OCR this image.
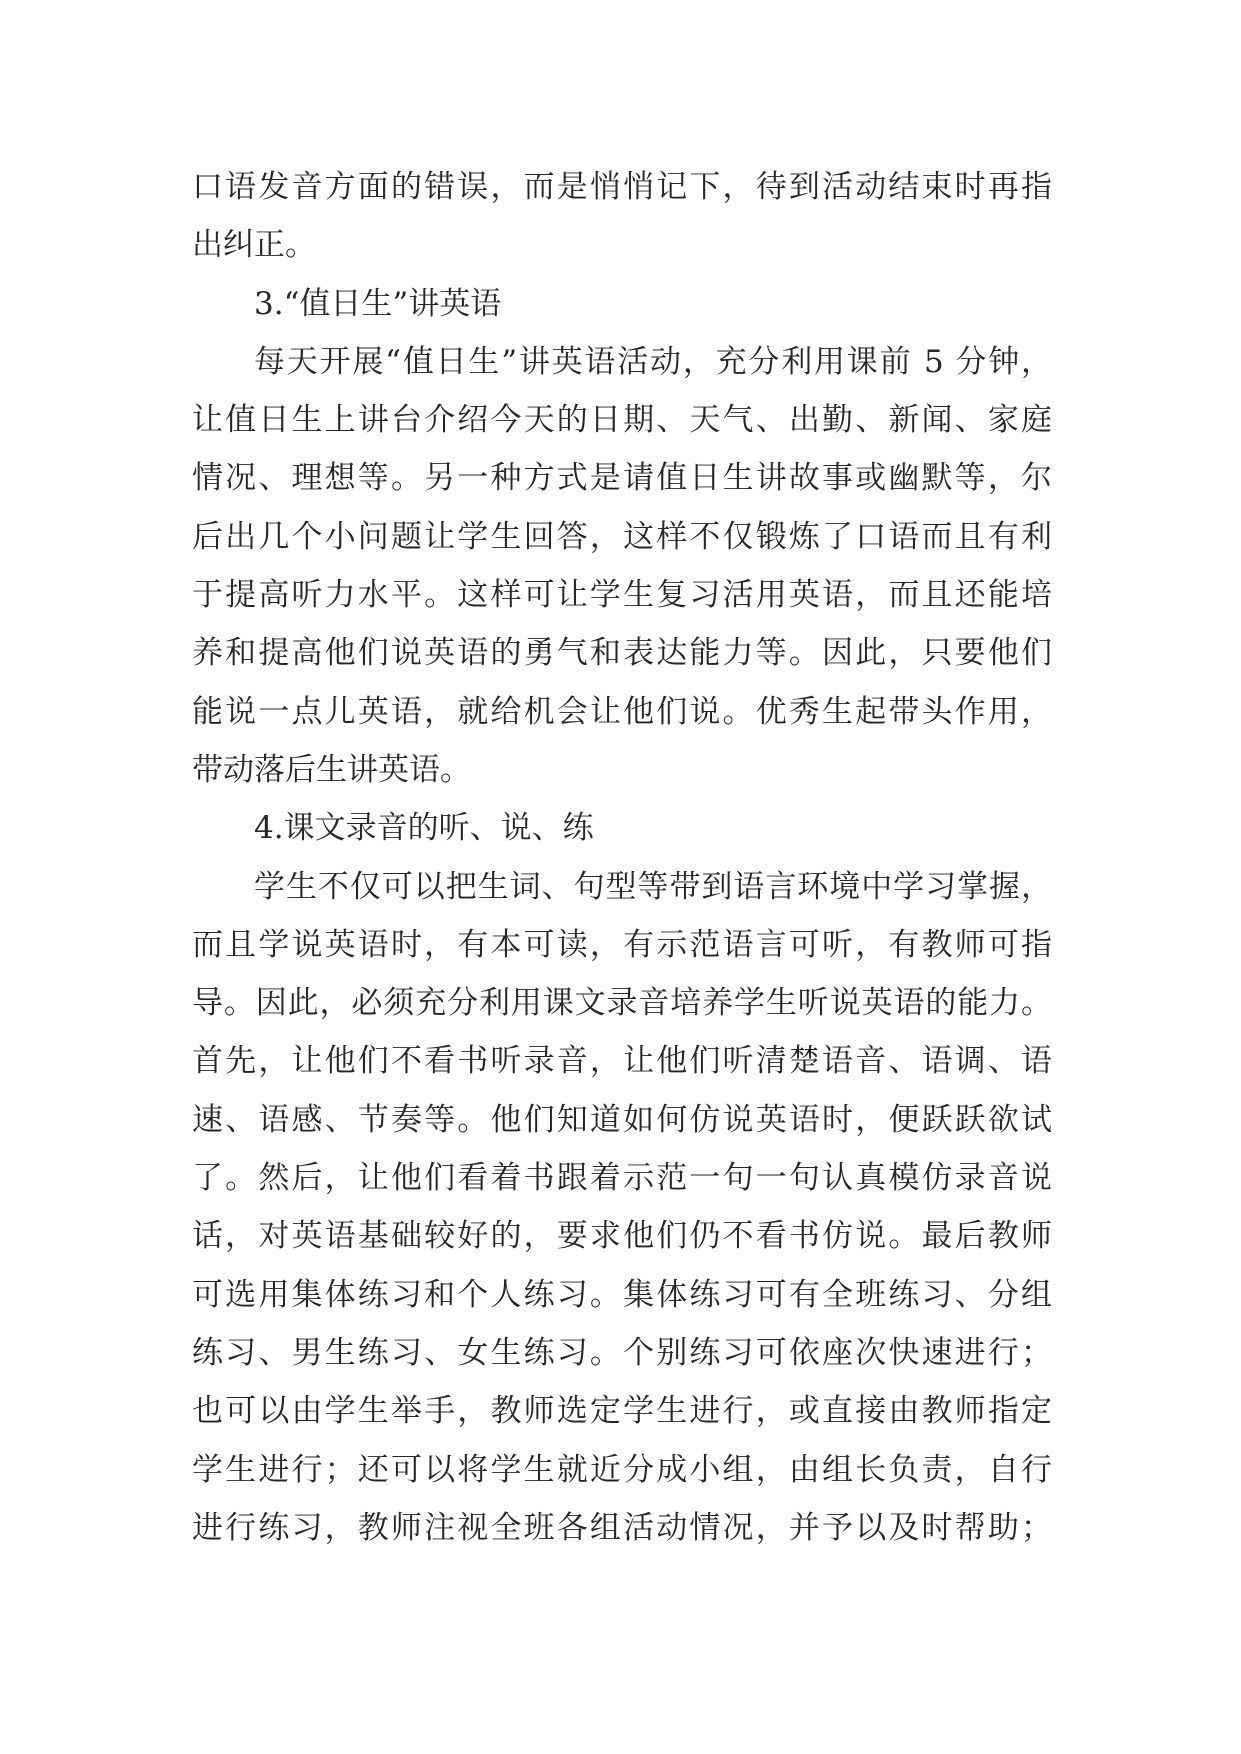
口语发音方面的错误，而是悄悄记下，待到活动结束时再指
出纠正。
3.“值日生”讲英语
每天开展“值日生”讲英语活动，充分利用课前 5 分钟，
让值日生上讲台介绍今天的日期、天气、出勤、新闻、家庭
情况、理想等。另一种方式是请值日生讲故事或幽默等，尔
后出几个小问题让学生回答，这样不仅锻炼了口语而且有利
于提高听力水平。这样可让学生复习活用英语，而且还能培
养和提高他们说英语的勇气和表达能力等。因此，只要他们
能说一点儿英语，就给机会让他们说。优秀生起带头作用，
带动落后生讲英语。
4.课文录音的听、说、练
学生不仅可以把生词、句型等带到语言环境中学习掌握，
而且学说英语时，有本可读，有示范语言可听，有教师可指
导。因此，必须充分利用课文录音培养学生听说英语的能力。
首先，让他们不看书听录音，让他们听清楚语音、语调、语
速、语感、节奏等。他们知道如何仿说英语时，便跃跃欲试
了。然后，让他们看着书跟着示范一句一句认真模仿录音说
话，对英语基础较好的，要求他们仍不看书仿说。最后教师
可选用集体练习和个人练习。集体练习可有全班练习、分组
练习、男生练习、女生练习。个别练习可依座次快速进行；
也可以由学生举手，教师选定学生进行，或直接由教师指定
学生进行；还可以将学生就近分成小组，由组长负责，自行
进行练习，教师注视全班各组活动情况，并予以及时帮助；
